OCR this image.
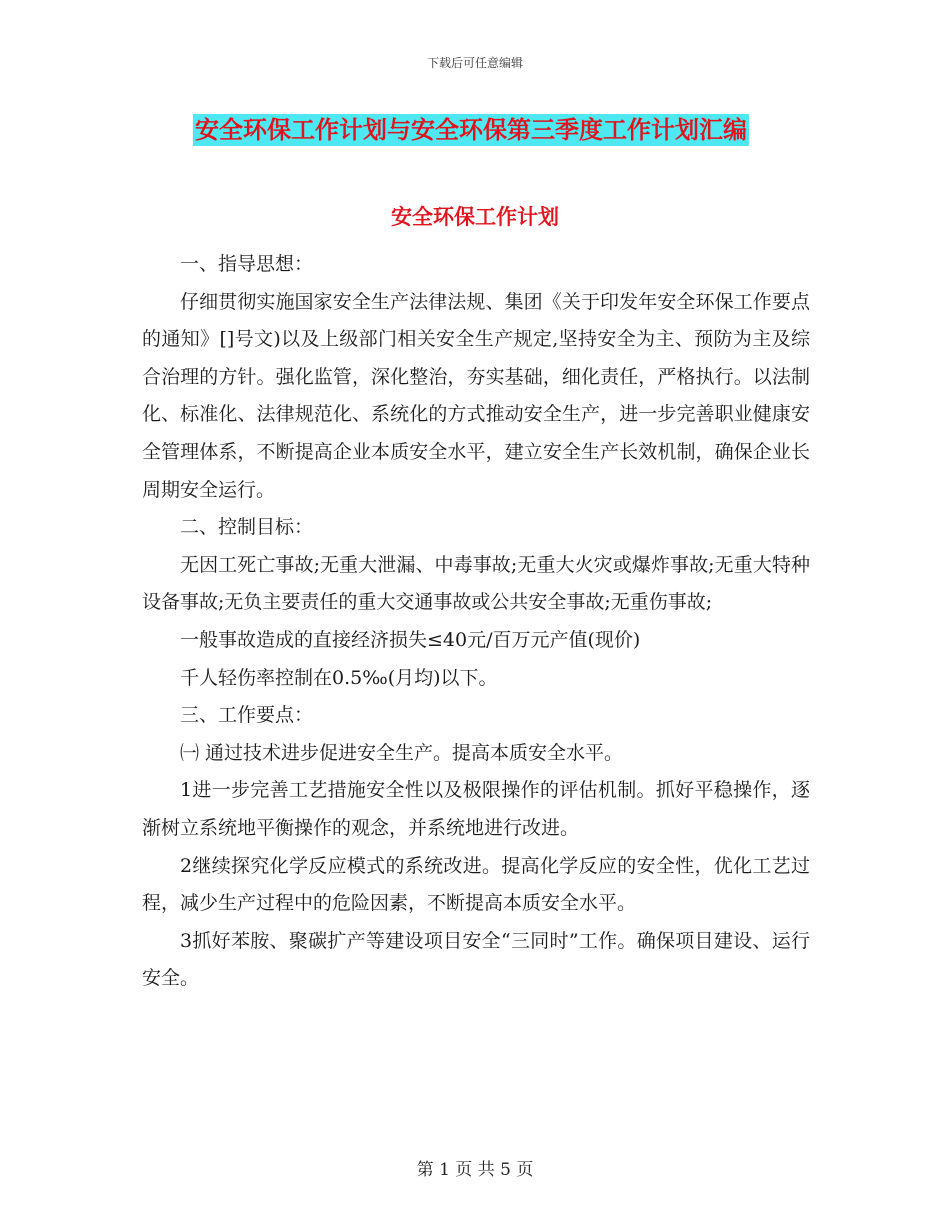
下载后可任意编辑
安全环保工作计划与安全环保第三季度工作计划汇编
安全环保工作计划

一、指导思想：

仔细贯彻实施国家安全生产法律法规、集团《关于印发年安全环保工作要点的通知》[]号文)以及上级部门相关安全生产规定,坚持安全为主、预防为主及综合治理的方针。强化监管，深化整治，夯实基础，细化责任，严格执行。以法制化、标准化、法律规范化、系统化的方式推动安全生产，进一步完善职业健康安全管理体系，不断提高企业本质安全水平，建立安全生产长效机制，确保企业长周期安全运行。

二、控制目标：

无因工死亡事故;无重大泄漏、中毒事故;无重大火灾或爆炸事故;无重大特种设备事故;无负主要责任的重大交通事故或公共安全事故;无重伤事故;

一般事故造成的直接经济损失≤40元/百万元产值(现价)

千人轻伤率控制在0.5‰(月均)以下。

三、工作要点：

㈠ 通过技术进步促进安全生产。提高本质安全水平。

1进一步完善工艺措施安全性以及极限操作的评估机制。抓好平稳操作，逐渐树立系统地平衡操作的观念，并系统地进行改进。

2继续探究化学反应模式的系统改进。提高化学反应的安全性，优化工艺过程，减少生产过程中的危险因素，不断提高本质安全水平。

3抓好苯胺、聚碳扩产等建设项目安全“三同时”工作。确保项目建设、运行安全。

第 1 页 共 5 页
